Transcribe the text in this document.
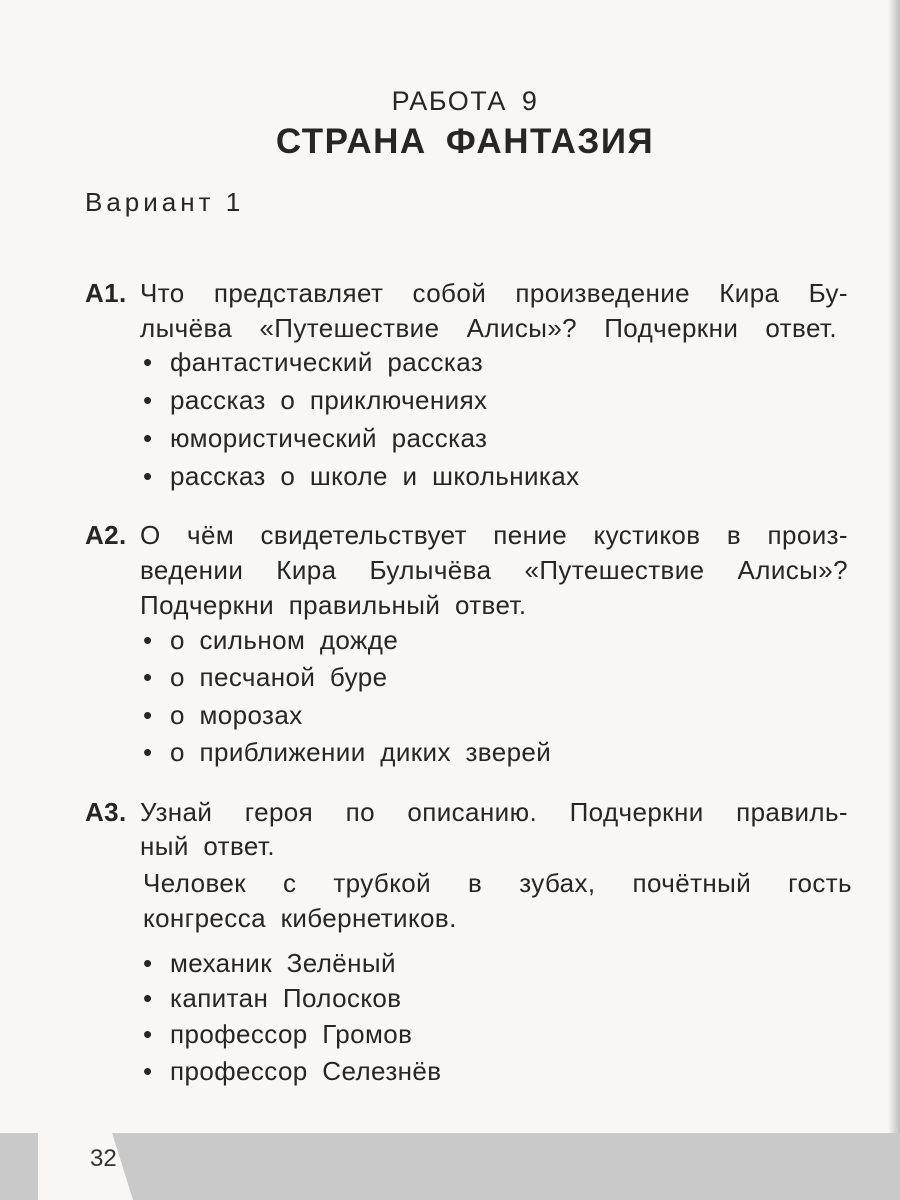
РАБОТА 9
СТРАНА ФАНТАЗИЯ
Вариант 1
А1. Что представляет собой произведение Кира Бу-
лычёва «Путешествие Алисы»? Подчеркни ответ.
• фантастический рассказ
• рассказ о приключениях
• юмористический рассказ
• рассказ о школе и школьниках
А2. О чём свидетельствует пение кустиков в произ-
ведении Кира Булычёва «Путешествие Алисы»?
Подчеркни правильный ответ.
• о сильном дожде
• о песчаной буре
• о морозах
• о приближении диких зверей
А3. Узнай героя по описанию. Подчеркни правиль-
ный ответ.
Человек с трубкой в зубах, почётный гость
конгресса кибернетиков.
• механик Зелёный
• капитан Полосков
• профессор Громов
• профессор Селезнёв
32
